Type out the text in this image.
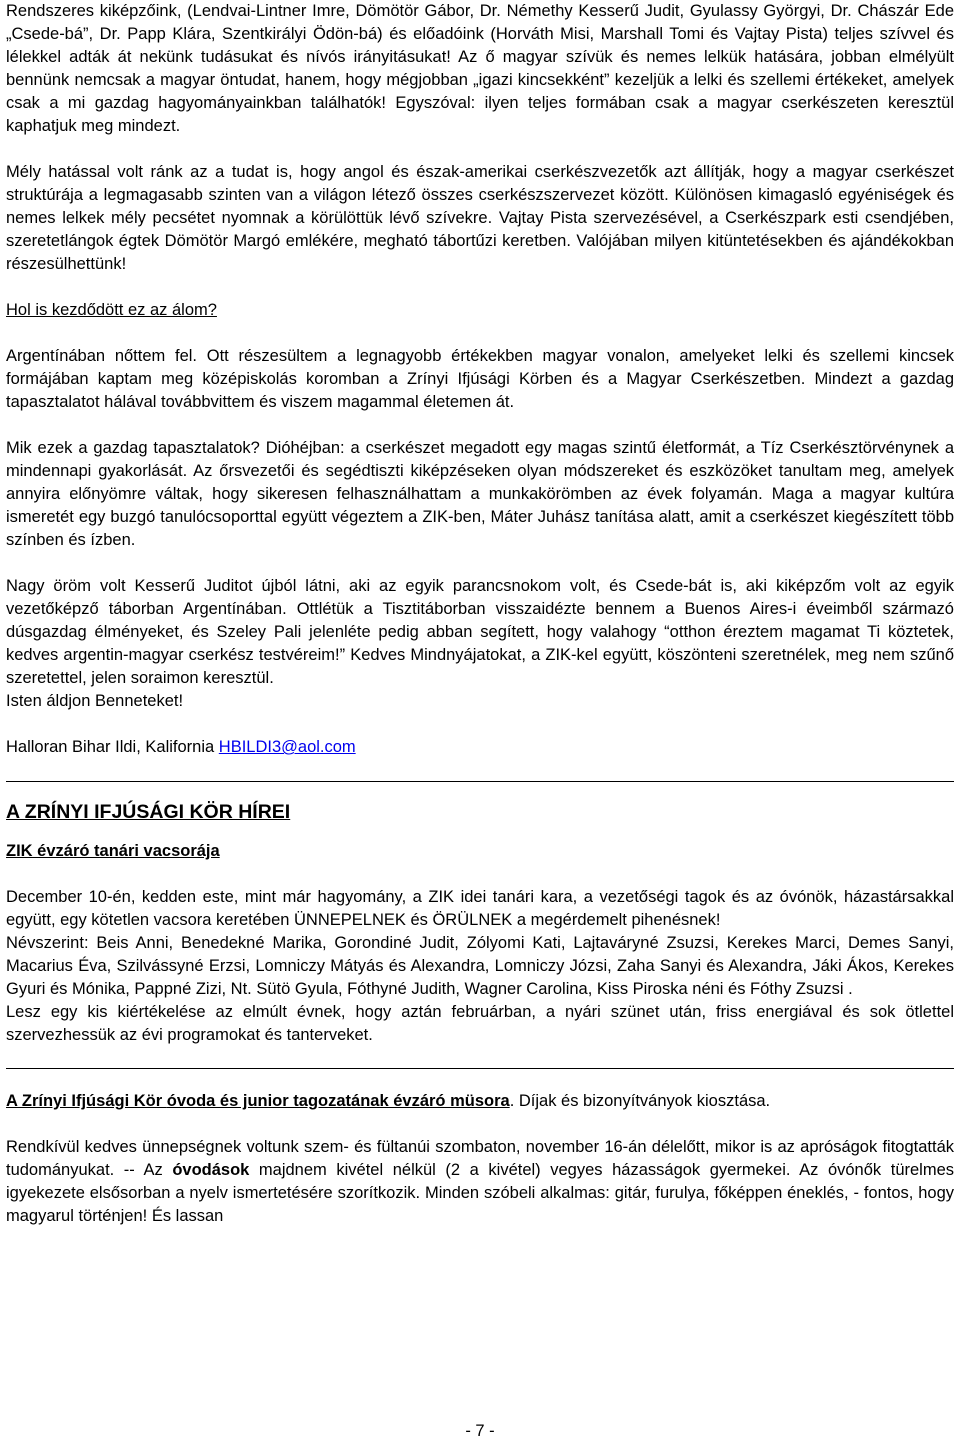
Rendszeres kiképzőink, (Lendvai-Lintner Imre, Dömötör Gábor, Dr. Némethy Kesserű Judit, Gyulassy Györgyi, Dr. Chászár Ede „Csede-bá”, Dr. Papp Klára, Szentkirályi Ödön-bá) és előadóink (Horváth Misi, Marshall Tomi és Vajtay Pista) teljes szívvel és lélekkel adták át nekünk tudásukat és nívós irányitásukat! Az ő magyar szívük és nemes lelkük hatására, jobban elmélyült bennünk nemcsak a magyar öntudat, hanem, hogy mégjobban „igazi kincsekként” kezeljük a lelki és szellemi értékeket, amelyek csak a mi gazdag hagyományainkban találhatók! Egyszóval: ilyen teljes formában csak a magyar cserkészeten keresztül kaphatjuk meg mindezt.

Mély hatással volt ránk az a tudat is, hogy angol és észak-amerikai cserkészvezetők azt állítják, hogy a magyar cserkészet struktúrája a legmagasabb szinten van a világon létező összes cserkészszervezet között. Különösen kimagasló egyéniségek és nemes lelkek mély pecsétet nyomnak a körülöttük lévő szívekre. Vajtay Pista szervezésével, a Cserkészpark esti csendjében, szeretetlángok égtek Dömötör Margó emlékére, megható tábortűzi keretben. Valójában milyen kitüntetésekben és ajándékokban részesülhettünk!

Hol is kezdődött ez az álom?

Argentínában nőttem fel. Ott részesültem a legnagyobb értékekben magyar vonalon, amelyeket lelki és szellemi kincsek formájában kaptam meg középiskolás koromban a Zrínyi Ifjúsági Körben és a Magyar Cserkészetben. Mindezt a gazdag tapasztalatot hálával továbbvittem és viszem magammal életemen át.

Mik ezek a gazdag tapasztalatok? Dióhéjban: a cserkészet megadott egy magas szintű életformát, a Tíz Cserkésztörvénynek a mindennapi gyakorlását. Az őrsvezetői és segédtiszti kiképzéseken olyan módszereket és eszközöket tanultam meg, amelyek annyira előnyömre váltak, hogy sikeresen felhasználhattam a munkakörömben az évek folyamán. Maga a magyar kultúra ismeretét egy buzgó tanulócsoporttal együtt végeztem a ZIK-ben, Máter Juhász tanítása alatt, amit a cserkészet kiegészített több színben és ízben.

Nagy öröm volt Kesserű Juditot újból látni, aki az egyik parancsnokom volt, és Csede-bát is, aki kiképzőm volt az egyik vezetőképző táborban Argentínában. Ottlétük a Tisztitáborban visszaidézte bennem a Buenos Aires-i éveimből származó dúsgazdag élményeket, és Szeley Pali jelenléte pedig abban segített, hogy valahogy “otthon éreztem magamat Ti köztetek, kedves argentin-magyar cserkész testvéreim!” Kedves Mindnyájatokat, a ZIK-kel együtt, köszönteni szeretnélek, meg nem szűnő szeretettel, jelen soraimon keresztül.

Isten áldjon Benneteket!

Halloran Bihar Ildi, Kalifornia HBILDI3@aol.com

A ZRÍNYI IFJÚSÁGI KÖR HÍREI

ZIK évzáró tanári vacsorája

December 10-én, kedden este, mint már hagyomány, a ZIK idei tanári kara, a vezetőségi tagok és az óvónök, házastársakkal együtt, egy kötetlen vacsora keretében ÜNNEPELNEK és ÖRÜLNEK a megérdemelt pihenésnek!

Névszerint: Beis Anni, Benedekné Marika, Gorondiné Judit, Zólyomi Kati, Lajtaváryné Zsuzsi, Kerekes Marci, Demes Sanyi, Macarius Éva, Szilvássyné Erzsi, Lomniczy Mátyás és Alexandra, Lomniczy Józsi, Zaha Sanyi és Alexandra, Jáki Ákos, Kerekes Gyuri és Mónika, Pappné Zizi, Nt. Sütö Gyula, Fóthyné Judith, Wagner Carolina, Kiss Piroska néni és Fóthy Zsuzsi .

Lesz egy kis kiértékelése az elmúlt évnek, hogy aztán februárban, a nyári szünet után, friss energiával és sok ötlettel szervezhessük az évi programokat és tanterveket.

A Zrínyi Ifjúsági Kör óvoda és junior tagozatának évzáró müsora. Díjak és bizonyítványok kiosztása.

Rendkívül kedves ünnepségnek voltunk szem- és fültanúi szombaton, november 16-án délelőtt, mikor is az apróságok fitogtatták tudományukat. -- Az óvodások majdnem kivétel nélkül (2 a kivétel) vegyes házasságok gyermekei. Az óvónők türelmes igyekezete elsősorban a nyelv ismertetésére szorítkozik. Minden szóbeli alkalmas: gitár, furulya, főképpen éneklés, - fontos, hogy magyarul történjen! És lassan

- 7 -
